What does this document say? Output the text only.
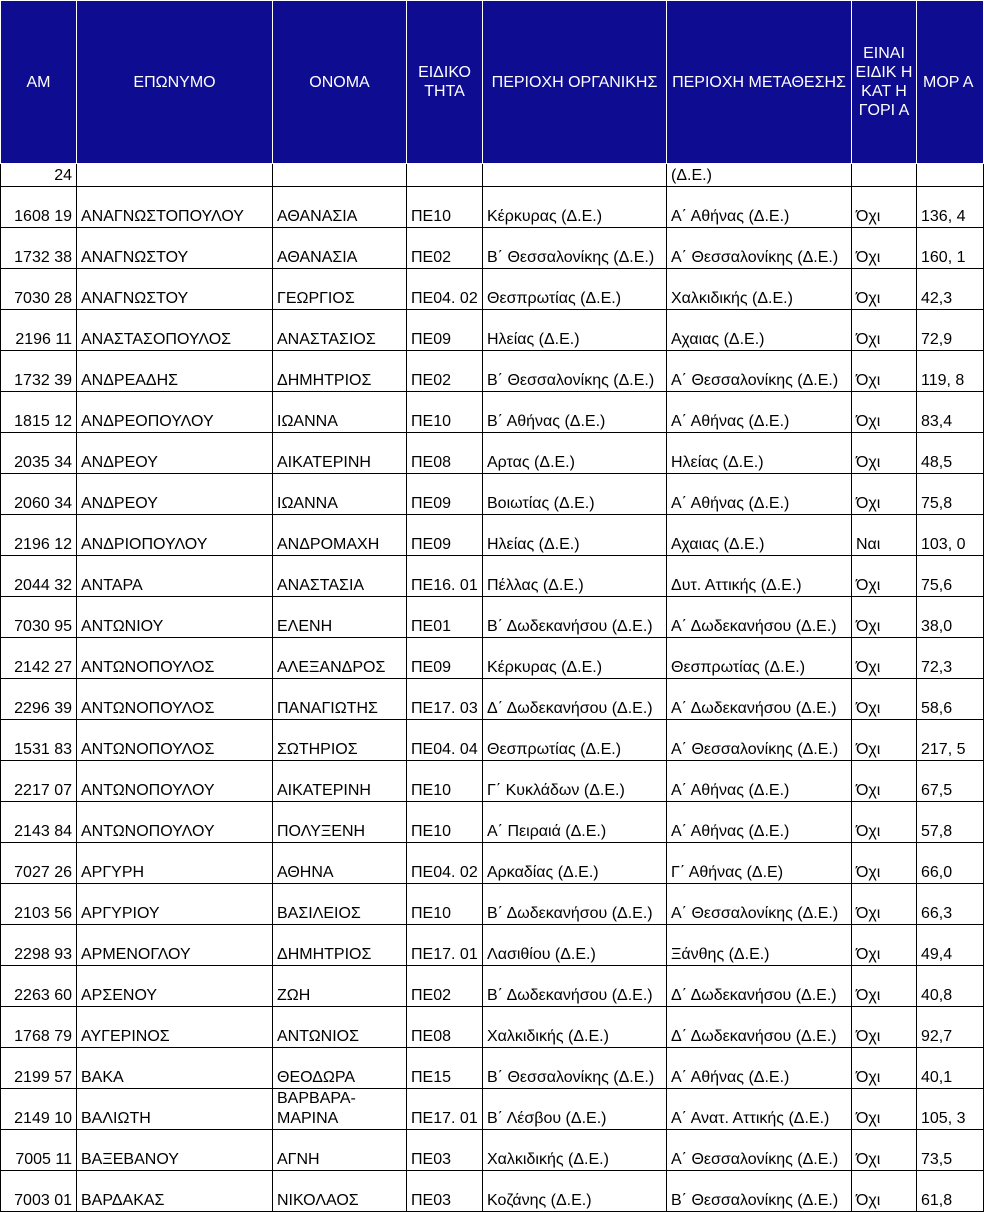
ΑΜ	ΕΠΩΝΥΜΟ	ΟΝΟΜΑ	ΕΙΔΙΚΟ ΤΗΤΑ	ΠΕΡΙΟΧΗ ΟΡΓΑΝΙΚΗΣ	ΠΕΡΙΟΧΗ ΜΕΤΑΘΕΣΗΣ	ΕΙΝΑΙ ΕΙΔΙΚ Η ΚΑΤ Η ΓΟΡΙ Α	ΜΟΡ Α
24					(Δ.Ε.)		
1608 19	ΑΝΑΓΝΩΣΤΟΠΟΥΛΟΥ	ΑΘΑΝΑΣΙΑ	ΠΕ10	Κέρκυρας (Δ.Ε.)	Α΄ Αθήνας (Δ.Ε.)	Όχι	136, 4
1732 38	ΑΝΑΓΝΩΣΤΟΥ	ΑΘΑΝΑΣΙΑ	ΠΕ02	Β΄ Θεσσαλονίκης (Δ.Ε.)	Α΄ Θεσσαλονίκης (Δ.Ε.)	Όχι	160, 1
7030 28	ΑΝΑΓΝΩΣΤΟΥ	ΓΕΩΡΓΙΟΣ	ΠΕ04. 02	Θεσπρωτίας (Δ.Ε.)	Χαλκιδικής (Δ.Ε.)	Όχι	42,3
2196 11	ΑΝΑΣΤΑΣΟΠΟΥΛΟΣ	ΑΝΑΣΤΑΣΙΟΣ	ΠΕ09	Ηλείας (Δ.Ε.)	Αχαιας (Δ.Ε.)	Όχι	72,9
1732 39	ΑΝΔΡΕΑΔΗΣ	ΔΗΜΗΤΡΙΟΣ	ΠΕ02	Β΄ Θεσσαλονίκης (Δ.Ε.)	Α΄ Θεσσαλονίκης (Δ.Ε.)	Όχι	119, 8
1815 12	ΑΝΔΡΕΟΠΟΥΛΟΥ	ΙΩΑΝΝΑ	ΠΕ10	Β΄ Αθήνας (Δ.Ε.)	Α΄ Αθήνας (Δ.Ε.)	Όχι	83,4
2035 34	ΑΝΔΡΕΟΥ	ΑΙΚΑΤΕΡΙΝΗ	ΠΕ08	Αρτας (Δ.Ε.)	Ηλείας (Δ.Ε.)	Όχι	48,5
2060 34	ΑΝΔΡΕΟΥ	ΙΩΑΝΝΑ	ΠΕ09	Βοιωτίας (Δ.Ε.)	Α΄ Αθήνας (Δ.Ε.)	Όχι	75,8
2196 12	ΑΝΔΡΙΟΠΟΥΛΟΥ	ΑΝΔΡΟΜΑΧΗ	ΠΕ09	Ηλείας (Δ.Ε.)	Αχαιας (Δ.Ε.)	Ναι	103, 0
2044 32	ΑΝΤΑΡΑ	ΑΝΑΣΤΑΣΙΑ	ΠΕ16. 01	Πέλλας (Δ.Ε.)	Δυτ. Αττικής (Δ.Ε.)	Όχι	75,6
7030 95	ΑΝΤΩΝΙΟΥ	ΕΛΕΝΗ	ΠΕ01	Β΄ Δωδεκανήσου (Δ.Ε.)	Α΄ Δωδεκανήσου (Δ.Ε.)	Όχι	38,0
2142 27	ΑΝΤΩΝΟΠΟΥΛΟΣ	ΑΛΕΞΑΝΔΡΟΣ	ΠΕ09	Κέρκυρας (Δ.Ε.)	Θεσπρωτίας (Δ.Ε.)	Όχι	72,3
2296 39	ΑΝΤΩΝΟΠΟΥΛΟΣ	ΠΑΝΑΓΙΩΤΗΣ	ΠΕ17. 03	Δ΄ Δωδεκανήσου (Δ.Ε.)	Α΄ Δωδεκανήσου (Δ.Ε.)	Όχι	58,6
1531 83	ΑΝΤΩΝΟΠΟΥΛΟΣ	ΣΩΤΗΡΙΟΣ	ΠΕ04. 04	Θεσπρωτίας (Δ.Ε.)	Α΄ Θεσσαλονίκης (Δ.Ε.)	Όχι	217, 5
2217 07	ΑΝΤΩΝΟΠΟΥΛΟΥ	ΑΙΚΑΤΕΡΙΝΗ	ΠΕ10	Γ΄ Κυκλάδων (Δ.Ε.)	Α΄ Αθήνας (Δ.Ε.)	Όχι	67,5
2143 84	ΑΝΤΩΝΟΠΟΥΛΟΥ	ΠΟΛΥΞΕΝΗ	ΠΕ10	Α΄ Πειραιά (Δ.Ε.)	Α΄ Αθήνας (Δ.Ε.)	Όχι	57,8
7027 26	ΑΡΓΥΡΗ	ΑΘΗΝΑ	ΠΕ04. 02	Αρκαδίας (Δ.Ε.)	Γ΄ Αθήνας (Δ.Ε)	Όχι	66,0
2103 56	ΑΡΓΥΡΙΟΥ	ΒΑΣΙΛΕΙΟΣ	ΠΕ10	Β΄ Δωδεκανήσου (Δ.Ε.)	Α΄ Θεσσαλονίκης (Δ.Ε.)	Όχι	66,3
2298 93	ΑΡΜΕΝΟΓΛΟΥ	ΔΗΜΗΤΡΙΟΣ	ΠΕ17. 01	Λασιθίου (Δ.Ε.)	Ξάνθης (Δ.Ε.)	Όχι	49,4
2263 60	ΑΡΣΕΝΟΥ	ΖΩΗ	ΠΕ02	Β΄ Δωδεκανήσου (Δ.Ε.)	Δ΄ Δωδεκανήσου (Δ.Ε.)	Όχι	40,8
1768 79	ΑΥΓΕΡΙΝΟΣ	ΑΝΤΩΝΙΟΣ	ΠΕ08	Χαλκιδικής (Δ.Ε.)	Δ΄ Δωδεκανήσου (Δ.Ε.)	Όχι	92,7
2199 57	ΒΑΚΑ	ΘΕΟΔΩΡΑ	ΠΕ15	Β΄ Θεσσαλονίκης (Δ.Ε.)	Α΄ Αθήνας (Δ.Ε.)	Όχι	40,1
2149 10	ΒΑΛΙΩΤΗ	ΒΑΡΒΑΡΑ- ΜΑΡΙΝΑ	ΠΕ17. 01	Β΄ Λέσβου (Δ.Ε.)	Α΄ Ανατ. Αττικής (Δ.Ε.)	Όχι	105, 3
7005 11	ΒΑΞΕΒΑΝΟΥ	ΑΓΝΗ	ΠΕ03	Χαλκιδικής (Δ.Ε.)	Α΄ Θεσσαλονίκης (Δ.Ε.)	Όχι	73,5
7003 01	ΒΑΡΔΑΚΑΣ	ΝΙΚΟΛΑΟΣ	ΠΕ03	Κοζάνης (Δ.Ε.)	Β΄ Θεσσαλονίκης (Δ.Ε.)	Όχι	61,8
